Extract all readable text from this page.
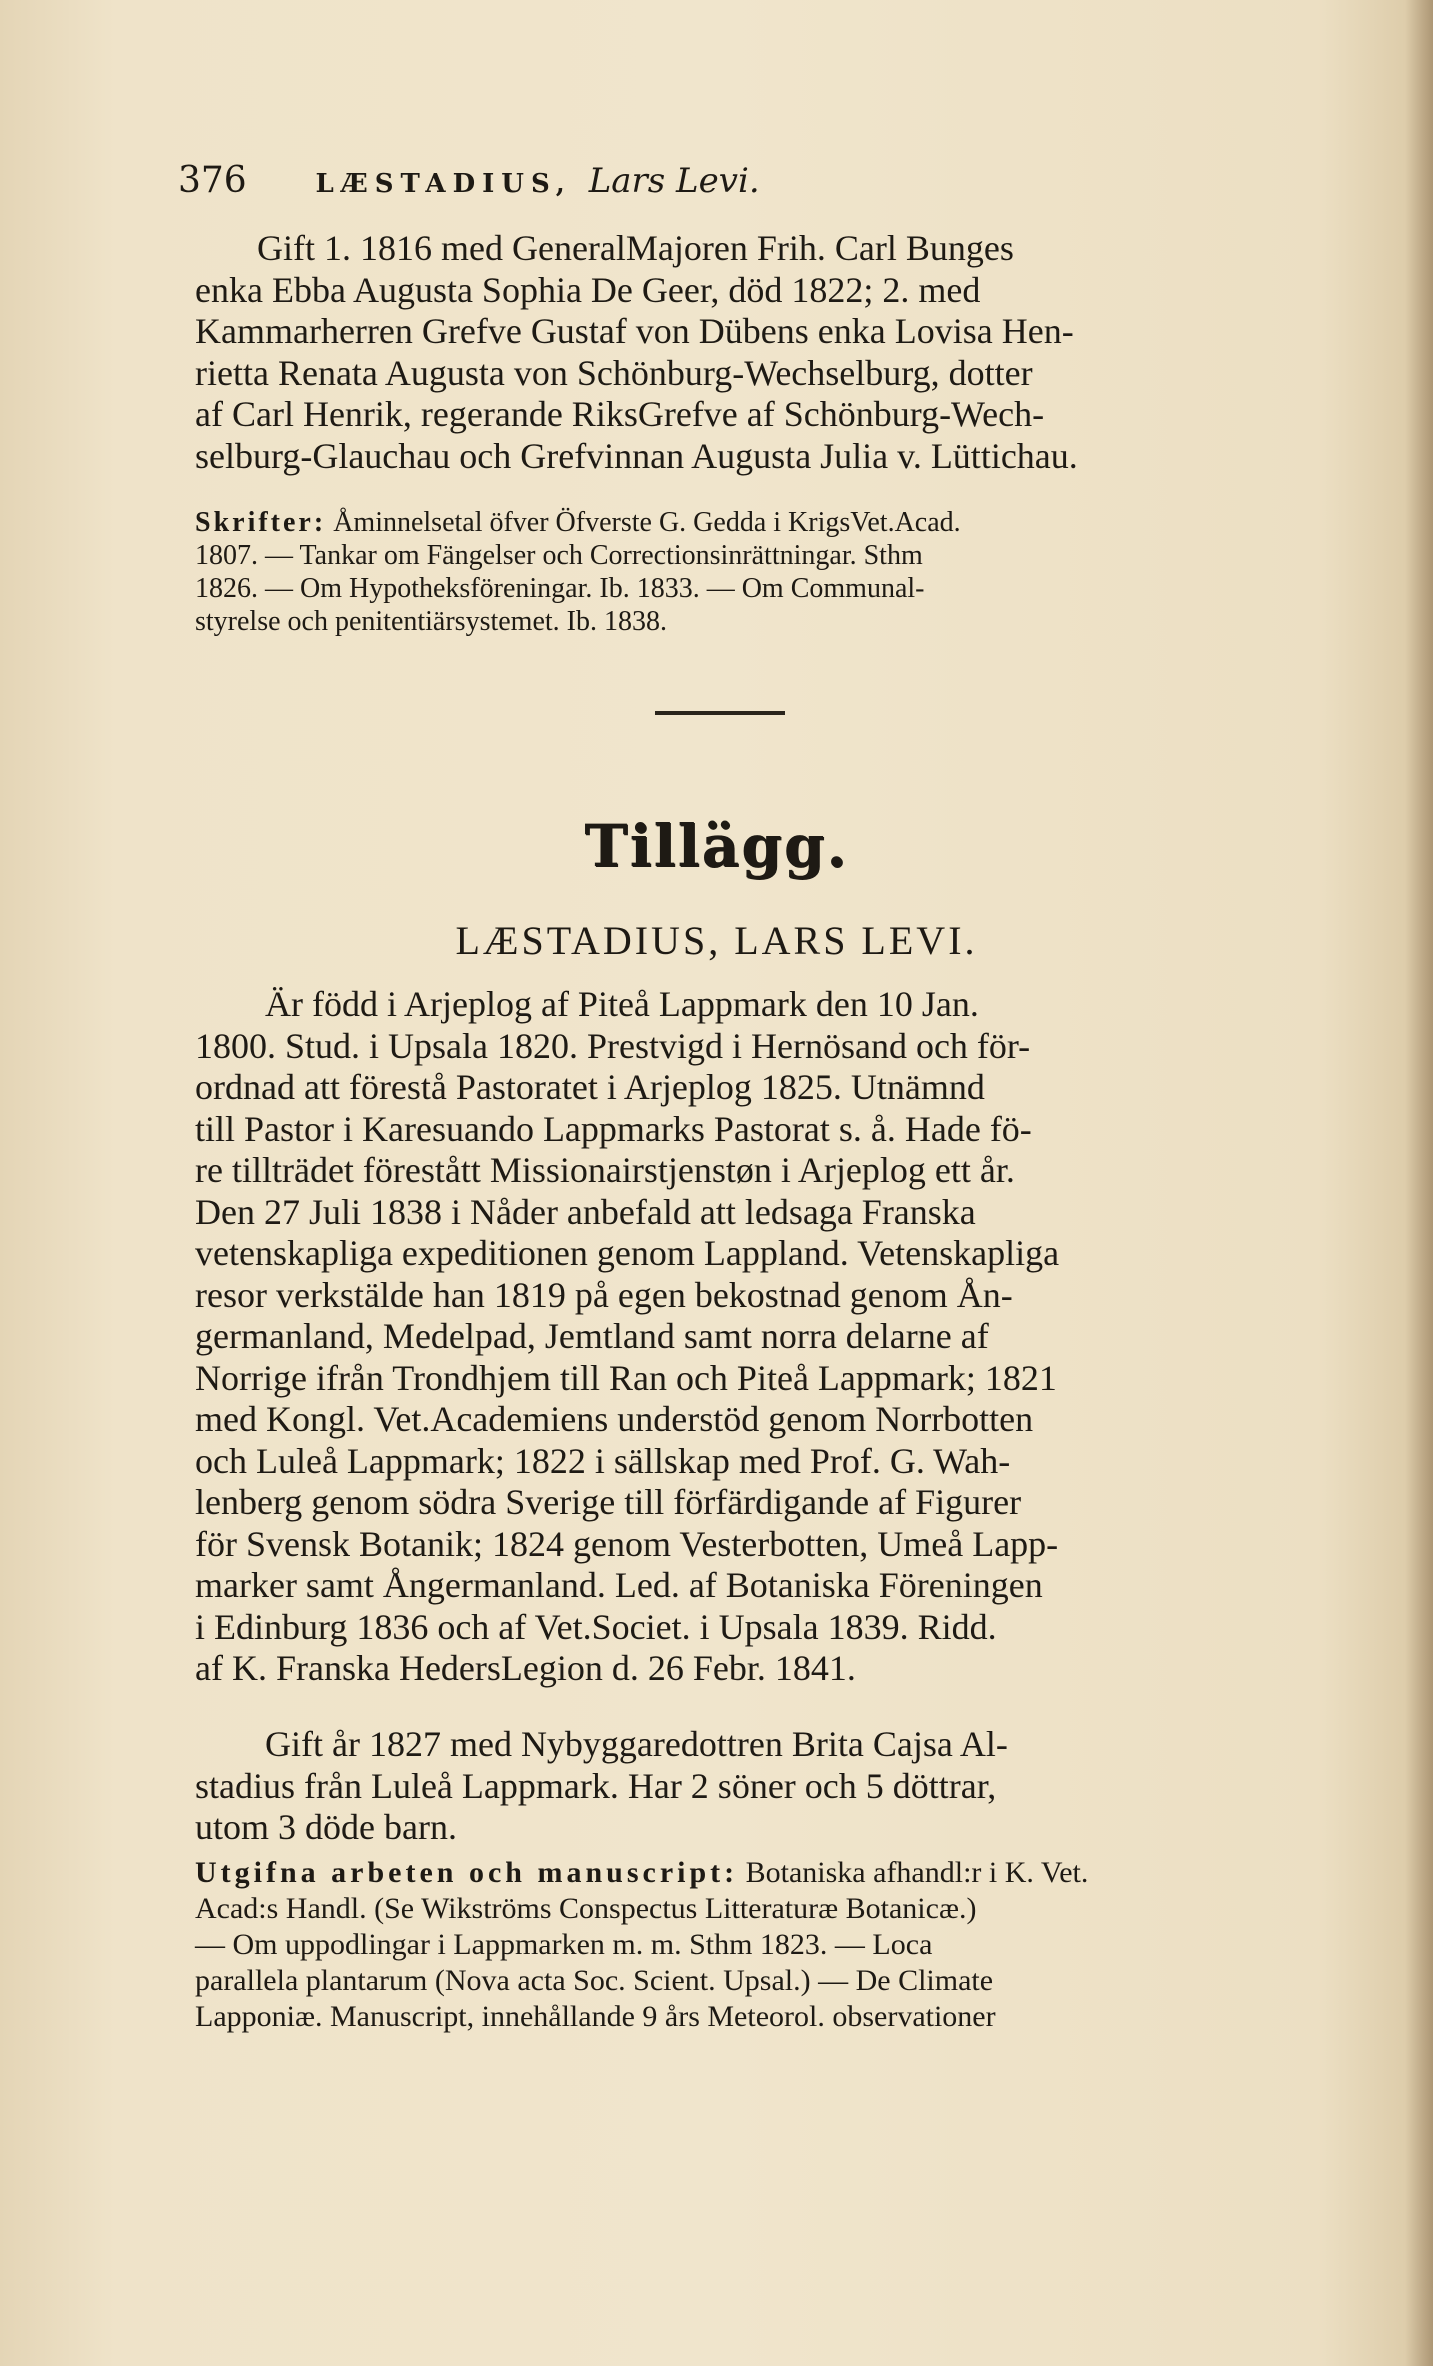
376	LÆSTADIUS, Lars Levi.
Gift 1. 1816 med GeneralMajoren Frih. Carl Bunges
enka Ebba Augusta Sophia De Geer, död 1822; 2. med
Kammarherren Grefve Gustaf von Dübens enka Lovisa Hen-
rietta Renata Augusta von Schönburg-Wechselburg, dotter
af Carl Henrik, regerande RiksGrefve af Schönburg-Wech-
selburg-Glauchau och Grefvinnan Augusta Julia v. Lüttichau.
Skrifter: Åminnelsetal öfver Öfverste G. Gedda i KrigsVet.Acad.
1807. — Tankar om Fängelser och Correctionsinrättningar. Sthm
1826. — Om Hypotheksföreningar. Ib. 1833. — Om Communal-
styrelse och penitentiärsystemet. Ib. 1838.
Tillägg.
LÆSTADIUS, LARS LEVI.
Är född i Arjeplog af Piteå Lappmark den 10 Jan.
1800. Stud. i Upsala 1820. Prestvigd i Hernösand och för-
ordnad att förestå Pastoratet i Arjeplog 1825. Utnämnd
till Pastor i Karesuando Lappmarks Pastorat s. å. Hade fö-
re tillträdet förestått Missionairstjenstøn i Arjeplog ett år.
Den 27 Juli 1838 i Nåder anbefald att ledsaga Franska
vetenskapliga expeditionen genom Lappland. Vetenskapliga
resor verkstälde han 1819 på egen bekostnad genom Ån-
germanland, Medelpad, Jemtland samt norra delarne af
Norrige ifrån Trondhjem till Ran och Piteå Lappmark; 1821
med Kongl. Vet.Academiens understöd genom Norrbotten
och Luleå Lappmark; 1822 i sällskap med Prof. G. Wah-
lenberg genom södra Sverige till förfärdigande af Figurer
för Svensk Botanik; 1824 genom Vesterbotten, Umeå Lapp-
marker samt Ångermanland. Led. af Botaniska Föreningen
i Edinburg 1836 och af Vet.Societ. i Upsala 1839. Ridd.
af K. Franska HedersLegion d. 26 Febr. 1841.
Gift år 1827 med Nybyggaredottren Brita Cajsa Al-
stadius från Luleå Lappmark. Har 2 söner och 5 döttrar,
utom 3 döde barn.
Utgifna arbeten och manuscript: Botaniska afhandl:r i K. Vet.
Acad:s Handl. (Se Wikströms Conspectus Litteraturæ Botanicæ.)
— Om uppodlingar i Lappmarken m. m. Sthm 1823. — Loca
parallela plantarum (Nova acta Soc. Scient. Upsal.) — De Climate
Lapponiæ. Manuscript, innehållande 9 års Meteorol. observationer
